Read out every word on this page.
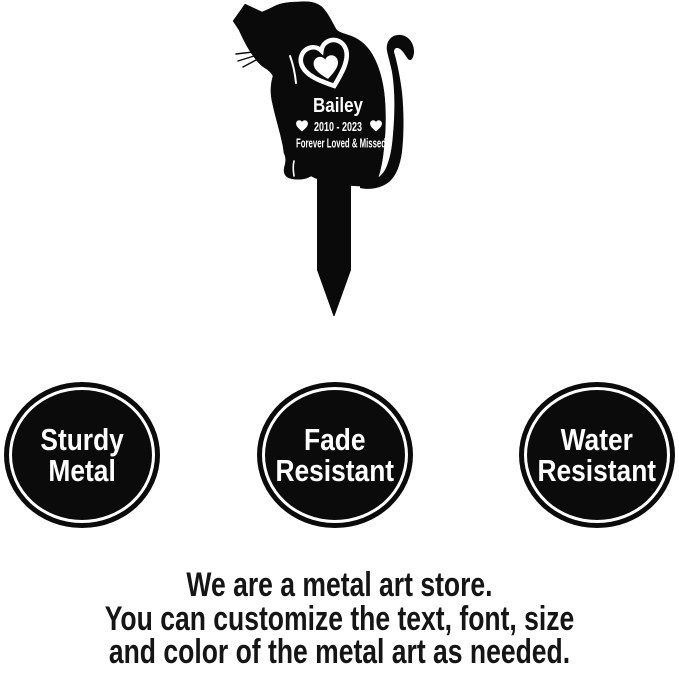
Bailey
2010 - 2023
Forever Loved & Missed
Sturdy
Metal
Fade
Resistant
Water
Resistant
We are a metal art store.
You can customize the text, font, size
and color of the metal art as needed.
